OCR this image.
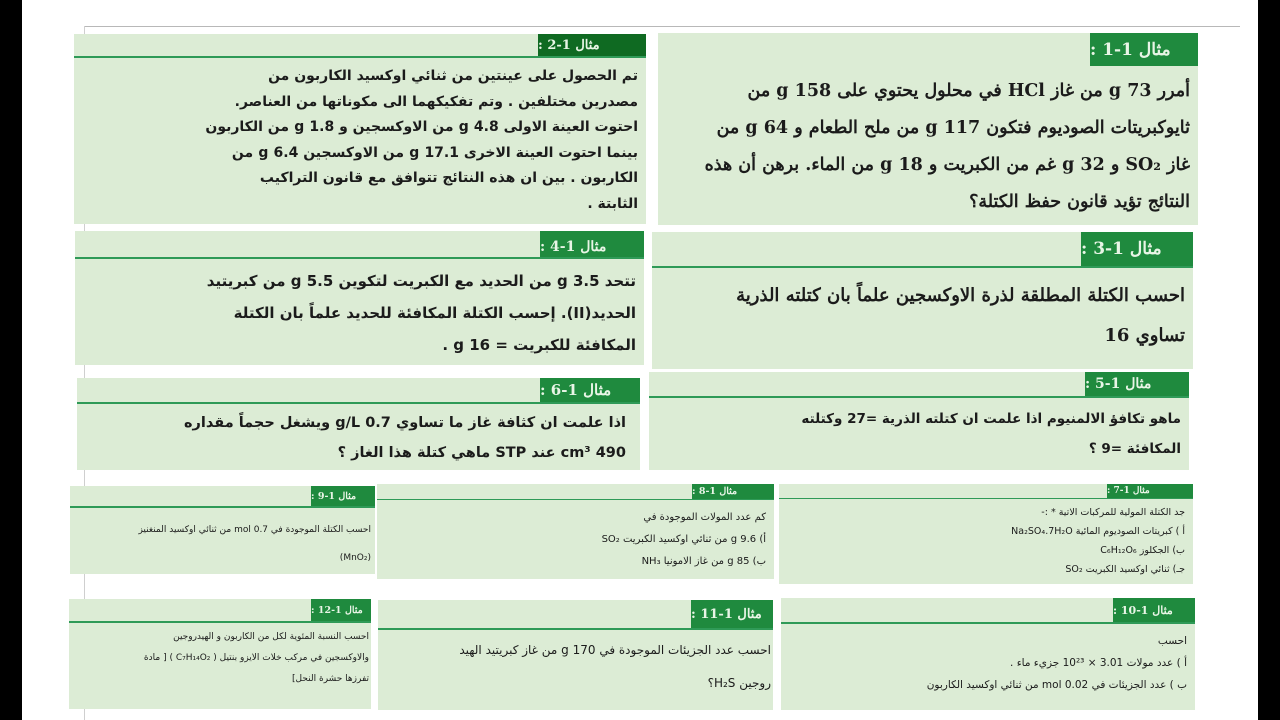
مثال 1-1 :

أمرر 73 g من غاز HCl في محلول يحتوي على 158 g من

ثايوكبريتات الصوديوم فتكون 117 g من ملح الطعام و 64 g من

غاز SO₂ و 32 g غم من الكبريت و 18 g من الماء. برهن أن هذه

النتائج تؤيد قانون حفظ الكتلة؟

مثال 1-2 :

تم الحصول على عينتين من ثنائي اوكسيد الكاربون من

مصدرين مختلفين . وتم تفكيكهما الى مكوناتها من العناصر.

احتوت العينة الاولى 4.8 g من الاوكسجين و 1.8 g من الكاربون

بينما احتوت العينة الاخرى 17.1 g من الاوكسجين 6.4 g من

الكاربون . بين ان هذه النتائج تتوافق مع قانون التراكيب

الثابتة .

مثال 1-3 :

احسب الكتلة المطلقة لذرة الاوكسجين علماً بان كتلته الذرية

تساوي 16

مثال 1-4 :

تتحد 3.5 g من الحديد مع الكبريت لتكوين 5.5 g من كبريتيد

الحديد(II). إحسب الكتلة المكافئة للحديد علماً بان الكتلة

المكافئة للكبريت = 16 g .

مثال 1-5 :

ماهو تكافؤ الالمنيوم اذا علمت ان كتلته الذرية =27 وكتلته

المكافئة =9 ؟

مثال 1-6 :

اذا علمت ان كثافة غاز ما تساوي 0.7 g/L ويشغل حجماً مقداره

490 cm³ عند STP ماهي كتلة هذا الغاز ؟

مثال 1-7 :

جد الكتلة المولية للمركبات الاتية * :-

أ ) كبريتات الصوديوم المائية Na₂SO₄.7H₂O

ب) الجكلوز C₆H₁₂O₆

جـ) ثنائي اوكسيد الكبريت SO₂

مثال 1-8 :

كم عدد المولات الموجودة في

أ) 9.6 g من ثنائي اوكسيد الكبريت SO₂

ب) 85 g من غاز الامونيا NH₃

مثال 1-9 :

احسب الكتلة الموجودة في 0.7 mol من ثنائي اوكسيد المنغنيز

(MnO₂)

مثال 1-10 :

احسب

أ ) عدد مولات 3.01 × 10²³ جزيء ماء .

ب ) عدد الجزيئات في 0.02 mol من ثنائي اوكسيد الكاربون

مثال 1-11 :

احسب عدد الجزيئات الموجودة في 170 g من غاز كبريتيد الهيد

روجين H₂S؟

مثال 1-12 :

احسب النسبة المئوية لكل من الكاربون و الهيدروجين

والاوكسجين في مركب خلات الايزو بنتيل ( C₇H₁₄O₂ ) [ مادة

تفرزها حشرة النحل]
